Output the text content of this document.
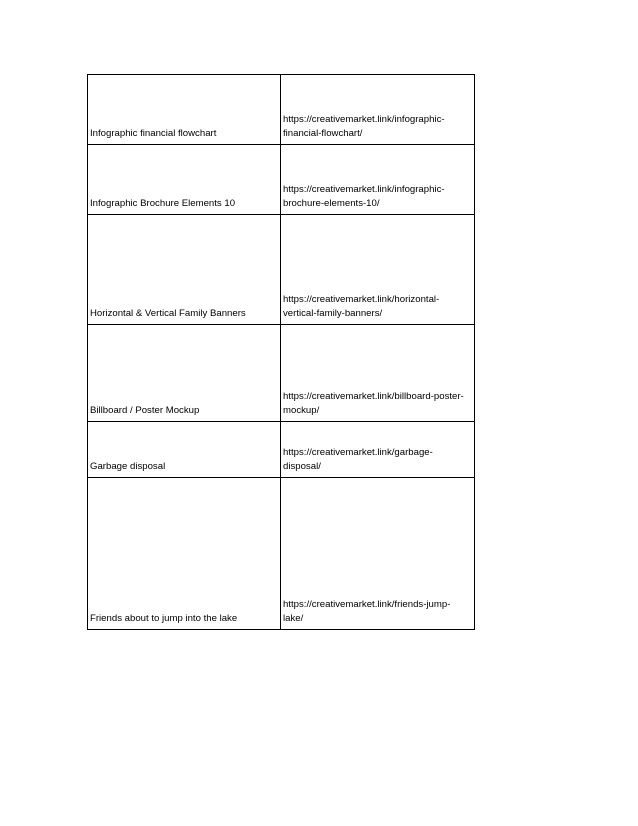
Infographic financial flowchart	https://creativemarket.link/infographic-
financial-flowchart/
Infographic Brochure Elements 10	https://creativemarket.link/infographic-
brochure-elements-10/
Horizontal & Vertical Family Banners	https://creativemarket.link/horizontal-
vertical-family-banners/
Billboard / Poster Mockup	https://creativemarket.link/billboard-poster-
mockup/
Garbage disposal	https://creativemarket.link/garbage-
disposal/
Friends about to jump into the lake	https://creativemarket.link/friends-jump-
lake/
